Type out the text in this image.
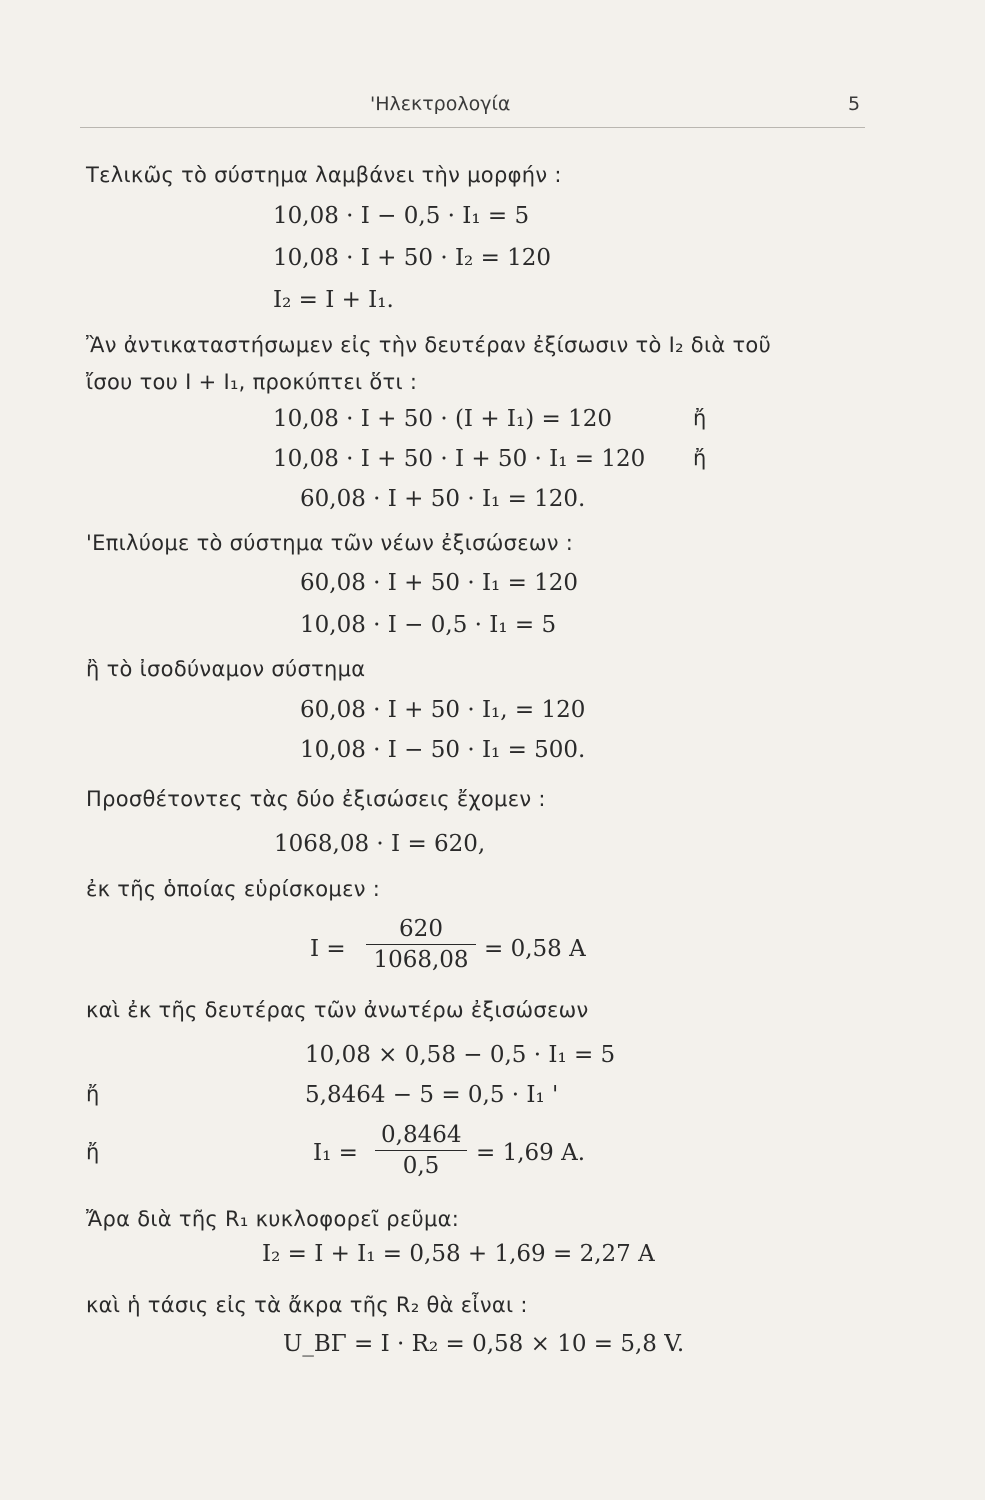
'Ηλεκτρολογία	5
Τελικῶς τὸ σύστημα λαμβάνει τὴν μορφήν :
10,08 · I − 0,5 · I₁ = 5
10,08 · I + 50 · I₂ = 120
I₂ = I + I₁.
Ἂν ἀντικαταστήσωμεν εἰς τὴν δευτέραν ἐξίσωσιν τὸ I₂ διὰ τοῦ
ἴσου του I + I₁, προκύπτει ὅτι :
10,08 · I + 50 · (I + I₁) = 120	ἤ
10,08 · I + 50 · I + 50 · I₁ = 120 ἤ
60,08 · I + 50 · I₁ = 120.
'Επιλύομε τὸ σύστημα τῶν νέων ἐξισώσεων :
60,08 · I + 50 · I₁ = 120
10,08 · I − 0,5 · I₁ = 5
ἢ τὸ ἰσοδύναμον σύστημα
60,08 · I + 50 · I₁, = 120
10,08 · I − 50 · I₁ = 500.
Προσθέτοντες τὰς δύο ἐξισώσεις ἔχομεν :
1068,08 · I = 620,
ἐκ τῆς ὁποίας εὑρίσκομεν :
$I = \frac{620}{1068,08} = 0,58$ A
καὶ ἐκ τῆς δευτέρας τῶν ἀνωτέρω ἐξισώσεων
10,08 × 0,58 − 0,5 · I₁ = 5
ἤ	5,8464 − 5 = 0,5 · I₁ '
ἤ	$I_1 = \frac{0,8464}{0,5} = 1,69$ A.
Ἄρα διὰ τῆς R₁ κυκλοφορεῖ ρεῦμα:
I₂ = I + I₁ = 0,58 + 1,69 = 2,27 A
καὶ ἡ τάσις εἰς τὰ ἄκρα τῆς R₂ θὰ εἶναι :
U_BΓ = I · R₂ = 0,58 × 10 = 5,8 V.
